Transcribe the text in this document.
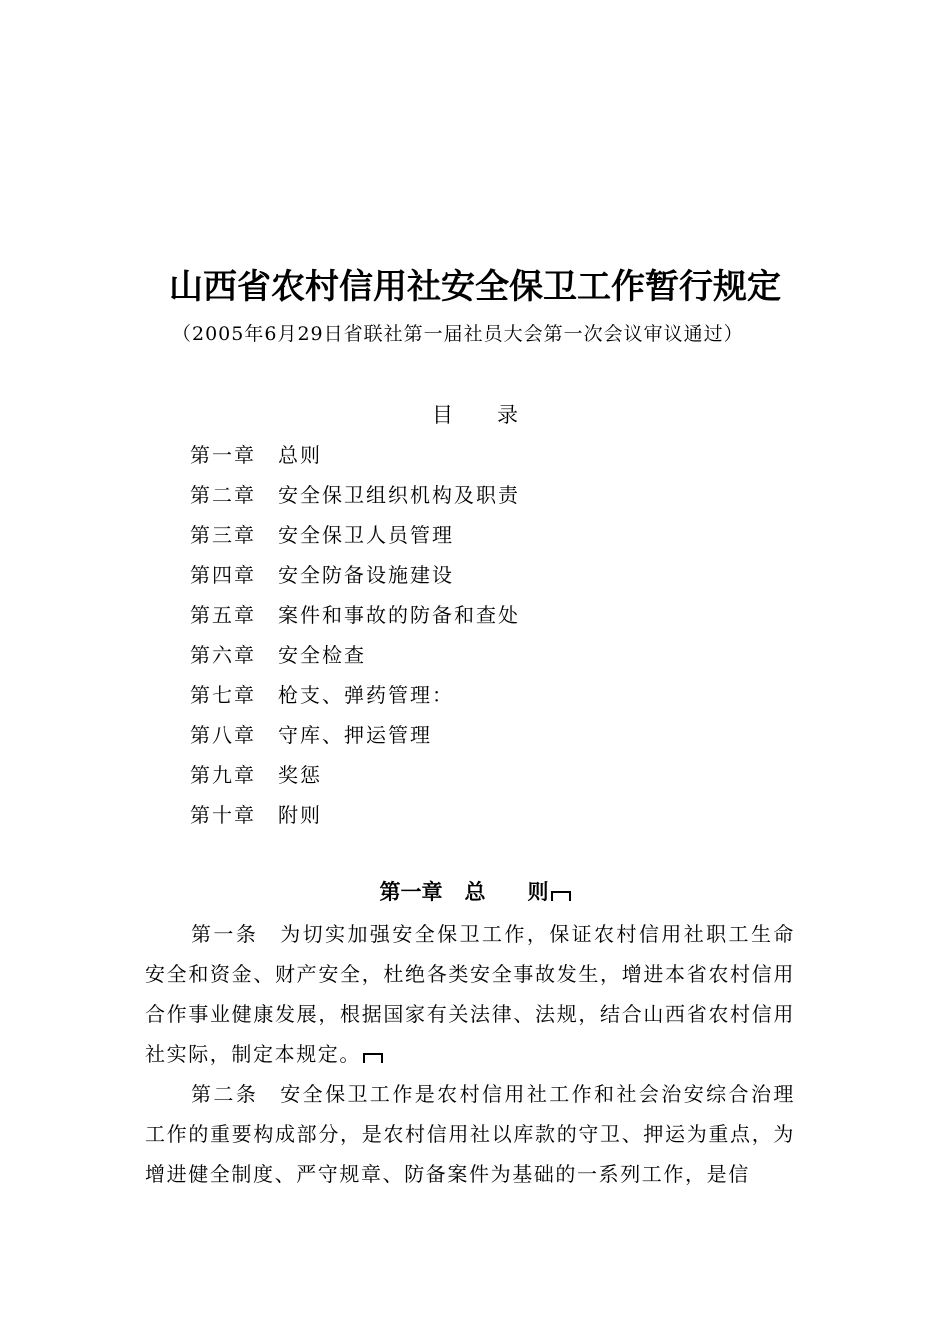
山西省农村信用社安全保卫工作暂行规定
（2005年6月29日省联社第一届社员大会第一次会议审议通过）
目录
第一章 总则
第二章 安全保卫组织机构及职责
第三章 安全保卫人员管理
第四章 安全防备设施建设
第五章 案件和事故的防备和查处
第六章 安全检查
第七章 枪支、弹药管理：
第八章 守库、押运管理
第九章 奖惩
第十章 附则
第一章 总 则
第一条 为切实加强安全保卫工作，保证农村信用社职工生命安全和资金、财产安全，杜绝各类安全事故发生，增进本省农村信用合作事业健康发展，根据国家有关法律、法规，结合山西省农村信用社实际，制定本规定。
第二条 安全保卫工作是农村信用社工作和社会治安综合治理工作的重要构成部分，是农村信用社以库款的守卫、押运为重点，为增进健全制度、严守规章、防备案件为基础的一系列工作，是信
